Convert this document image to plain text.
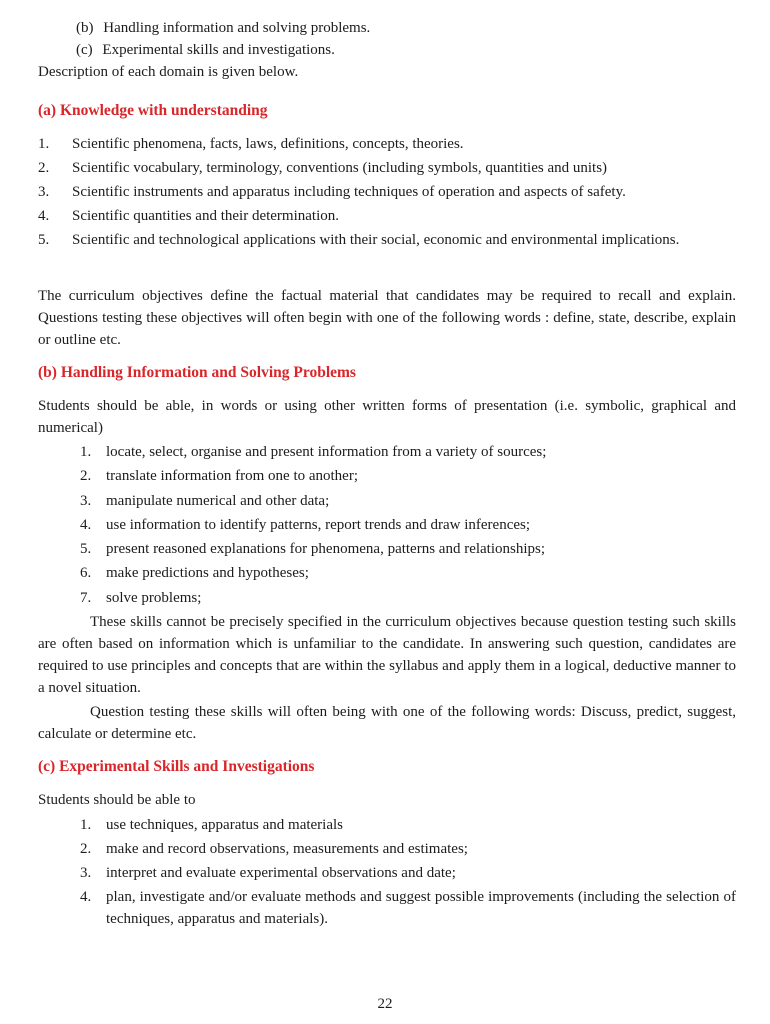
(b) Handling information and solving problems.
(c) Experimental skills and investigations.
Description of each domain is given below.
(a) Knowledge with understanding
1.	Scientific phenomena, facts, laws, definitions, concepts, theories.
2.	Scientific vocabulary, terminology, conventions (including symbols, quantities and units)
3.	Scientific instruments and apparatus including techniques of operation and aspects of safety.
4.	Scientific quantities and their determination.
5.	Scientific and technological applications with their social, economic and environmental implications.
The curriculum objectives define the factual material that candidates may be required to recall and explain. Questions testing these objectives will often begin with one of the following words : define, state, describe, explain or outline etc.
(b) Handling Information and Solving Problems
Students should be able, in words or using other written forms of presentation (i.e. symbolic, graphical and numerical)
1. locate, select, organise and present information from a variety of sources;
2. translate information from one to another;
3. manipulate numerical and other data;
4. use information to identify patterns, report trends and draw inferences;
5. present reasoned explanations for phenomena, patterns and relationships;
6. make predictions and hypotheses;
7. solve problems;
These skills cannot be precisely specified in the curriculum objectives because question testing such skills are often based on information which is unfamiliar to the candidate. In answering such question, candidates are required to use principles and concepts that are within the syllabus and apply them in a logical, deductive manner to a novel situation.
Question testing these skills will often being with one of the following words: Discuss, predict, suggest, calculate or determine etc.
(c) Experimental Skills and Investigations
Students should be able to
1. use techniques, apparatus and materials
2. make and record observations, measurements and estimates;
3. interpret and evaluate experimental observations and date;
4. plan, investigate and/or evaluate methods and suggest possible improvements (including the selection of techniques, apparatus and materials).
22
